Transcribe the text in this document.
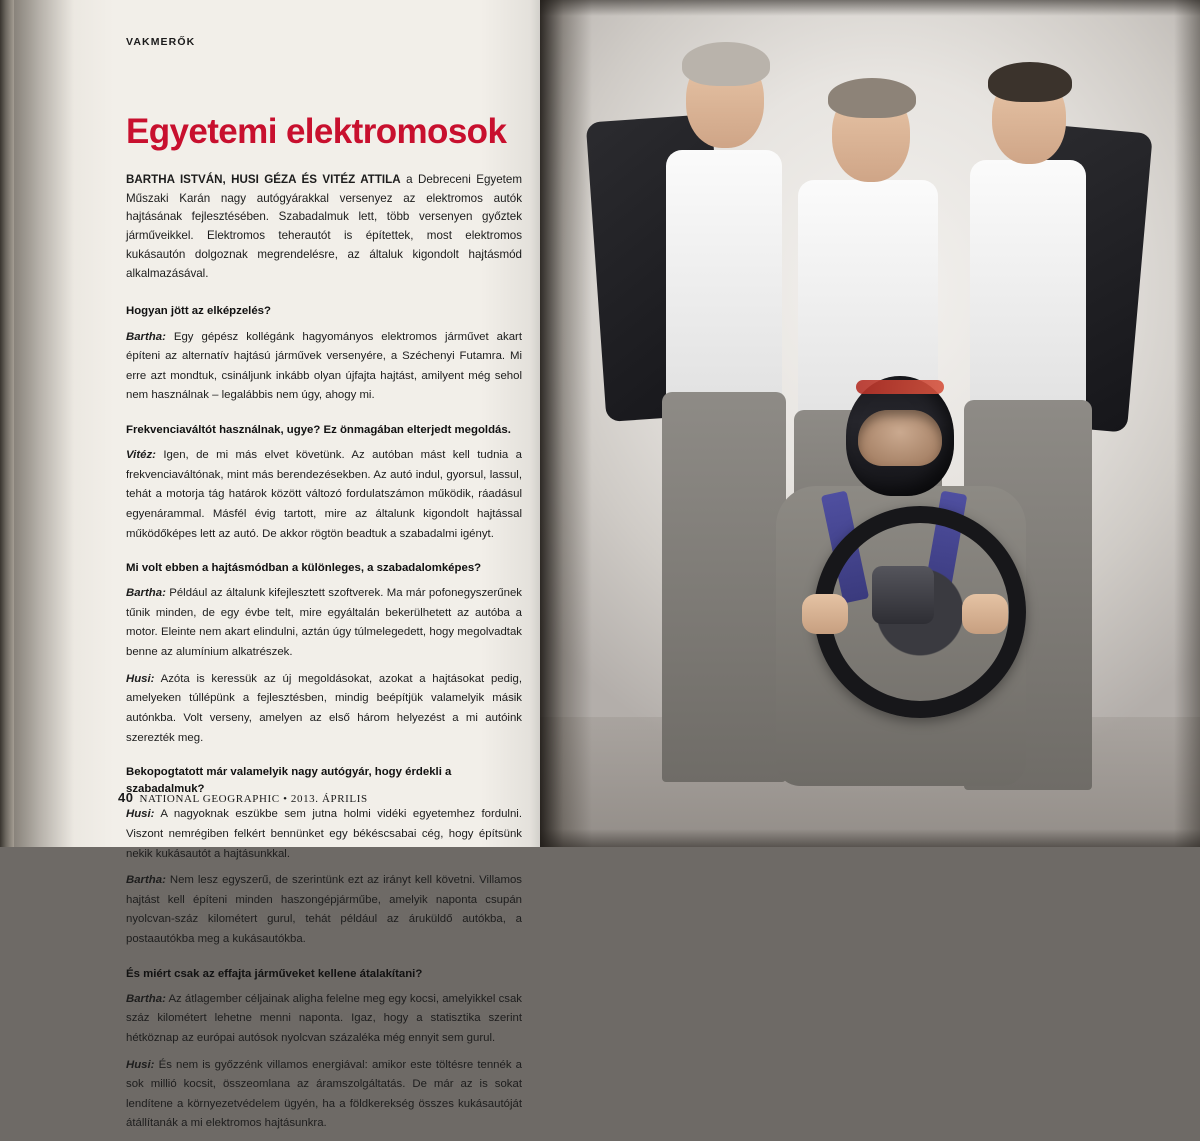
VAKMERŐK
Egyetemi elektromosok

BARTHA ISTVÁN, HUSI GÉZA ÉS VITÉZ ATTILA a Debreceni Egyetem Műszaki Karán nagy autógyárakkal versenyez az elektromos autók hajtásának fejlesztésében. Szabadalmuk lett, több versenyen győztek járműveikkel. Elektromos teherautót is építettek, most elektromos kukásautón dolgoznak megrendelésre, az általuk kigondolt hajtásmód alkalmazásával.

Hogyan jött az elképzelés?

Bartha: Egy gépész kollégánk hagyományos elektromos járművet akart építeni az alternatív hajtású járművek versenyére, a Széchenyi Futamra. Mi erre azt mondtuk, csináljunk inkább olyan újfajta hajtást, amilyent még sehol nem használnak – legalábbis nem úgy, ahogy mi.

Frekvenciaváltót használnak, ugye? Ez önmagában elterjedt megoldás.

Vitéz: Igen, de mi más elvet követünk. Az autóban mást kell tudnia a frekvenciaváltónak, mint más berendezésekben. Az autó indul, gyorsul, lassul, tehát a motorja tág határok között változó fordulatszámon működik, ráadásul egyenárammal. Másfél évig tartott, mire az általunk kigondolt hajtással működőképes lett az autó. De akkor rögtön beadtuk a szabadalmi igényt.

Mi volt ebben a hajtásmódban a különleges, a szabadalomképes?

Bartha: Például az általunk kifejlesztett szoftverek. Ma már pofonegyszerűnek tűnik minden, de egy évbe telt, mire egyáltalán bekerülhetett az autóba a motor. Eleinte nem akart elindulni, aztán úgy túlmelegedett, hogy megolvadtak benne az alumínium alkatrészek.

Husi: Azóta is keressük az új megoldásokat, azokat a hajtásokat pedig, amelyeken túllépünk a fejlesztésben, mindig beépítjük valamelyik másik autónkba. Volt verseny, amelyen az első három helyezést a mi autóink szerezték meg.

Bekopogtatott már valamelyik nagy autógyár, hogy érdekli a szabadalmuk?

Husi: A nagyoknak eszükbe sem jutna holmi vidéki egyetemhez fordulni. Viszont nemrégiben felkért bennünket egy békéscsabai cég, hogy építsünk nekik kukásautót a hajtásunkkal.

Bartha: Nem lesz egyszerű, de szerintünk ezt az irányt kell követni. Villamos hajtást kell építeni minden haszongépjárműbe, amelyik naponta csupán nyolcvan-száz kilométert gurul, tehát például az áruküldő autókba, a postaautókba meg a kukásautókba.

És miért csak az effajta járműveket kellene átalakítani?

Bartha: Az átlagember céljainak aligha felelne meg egy kocsi, amelyikkel csak száz kilométert lehetne menni naponta. Igaz, hogy a statisztika szerint hétköznap az európai autósok nyolcvan százaléka még ennyit sem gurul.

Husi: És nem is győzzénk villamos energiával: amikor este töltésre tennék a sok millió kocsit, összeomlana az áramszolgáltatás. De már az is sokat lendítene a környezetvédelem ügyén, ha a földkerekség összes kukásautóját átállítanák a mi elektromos hajtásunkra.

40 NATIONAL GEOGRAPHIC • 2013. ÁPRILIS
